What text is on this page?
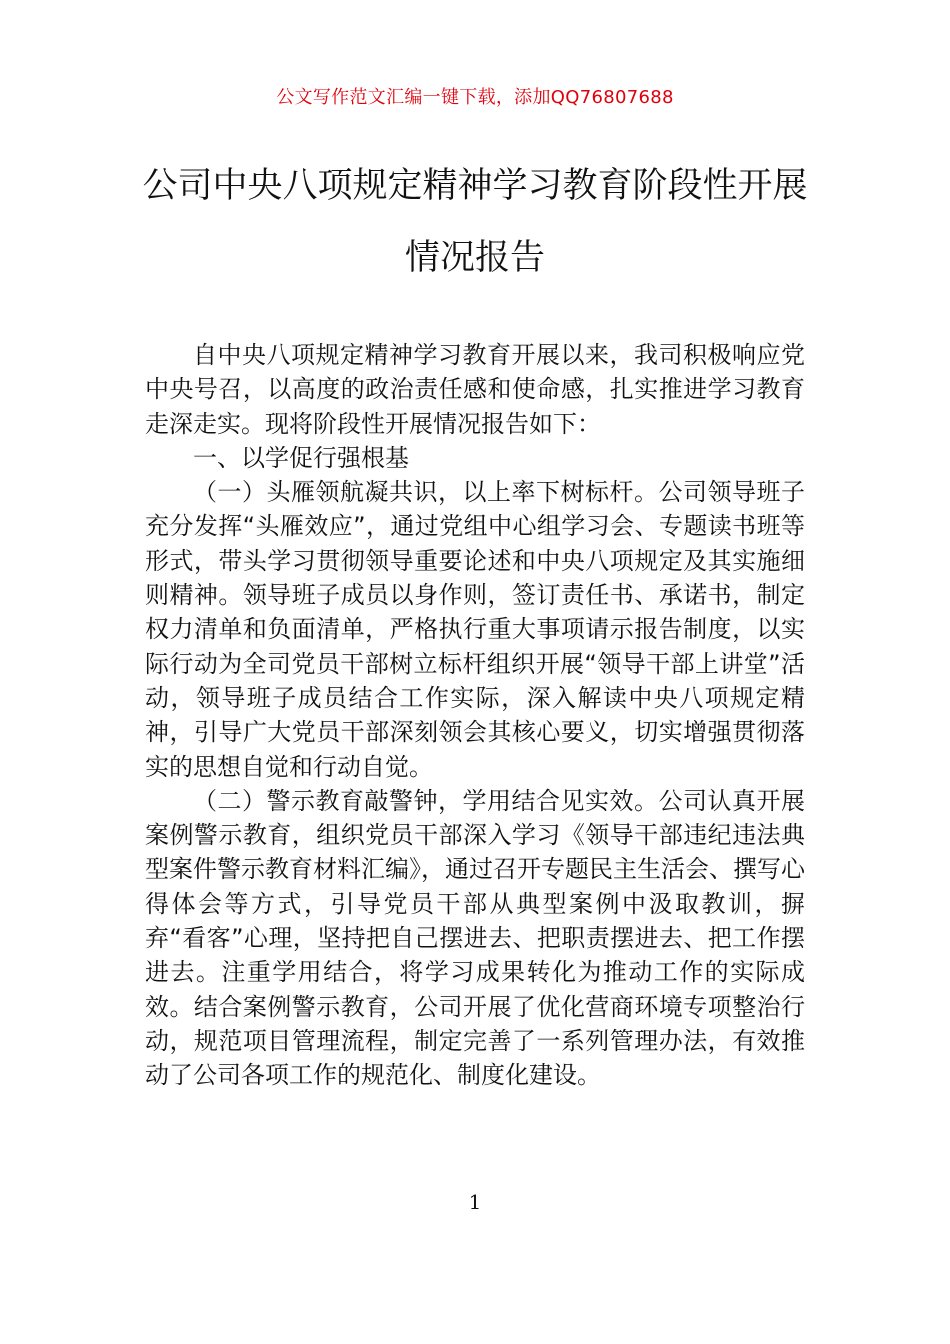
公文写作范文汇编一键下载，添加QQ76807688
公司中央八项规定精神学习教育阶段性开展情况报告

自中央八项规定精神学习教育开展以来，我司积极响应党中央号召，以高度的政治责任感和使命感，扎实推进学习教育走深走实。现将阶段性开展情况报告如下：

一、以学促行强根基

（一）头雁领航凝共识，以上率下树标杆。公司领导班子充分发挥“头雁效应”，通过党组中心组学习会、专题读书班等形式，带头学习贯彻领导重要论述和中央八项规定及其实施细则精神。领导班子成员以身作则，签订责任书、承诺书，制定权力清单和负面清单，严格执行重大事项请示报告制度，以实际行动为全司党员干部树立标杆组织开展“领导干部上讲堂”活动，领导班子成员结合工作实际，深入解读中央八项规定精神，引导广大党员干部深刻领会其核心要义，切实增强贯彻落实的思想自觉和行动自觉。

（二）警示教育敲警钟，学用结合见实效。公司认真开展案例警示教育，组织党员干部深入学习《领导干部违纪违法典型案件警示教育材料汇编》，通过召开专题民主生活会、撰写心得体会等方式，引导党员干部从典型案例中汲取教训，摒弃“看客”心理，坚持把自己摆进去、把职责摆进去、把工作摆进去。注重学用结合，将学习成果转化为推动工作的实际成效。结合案例警示教育，公司开展了优化营商环境专项整治行动，规范项目管理流程，制定完善了一系列管理办法，有效推动了公司各项工作的规范化、制度化建设。

1
